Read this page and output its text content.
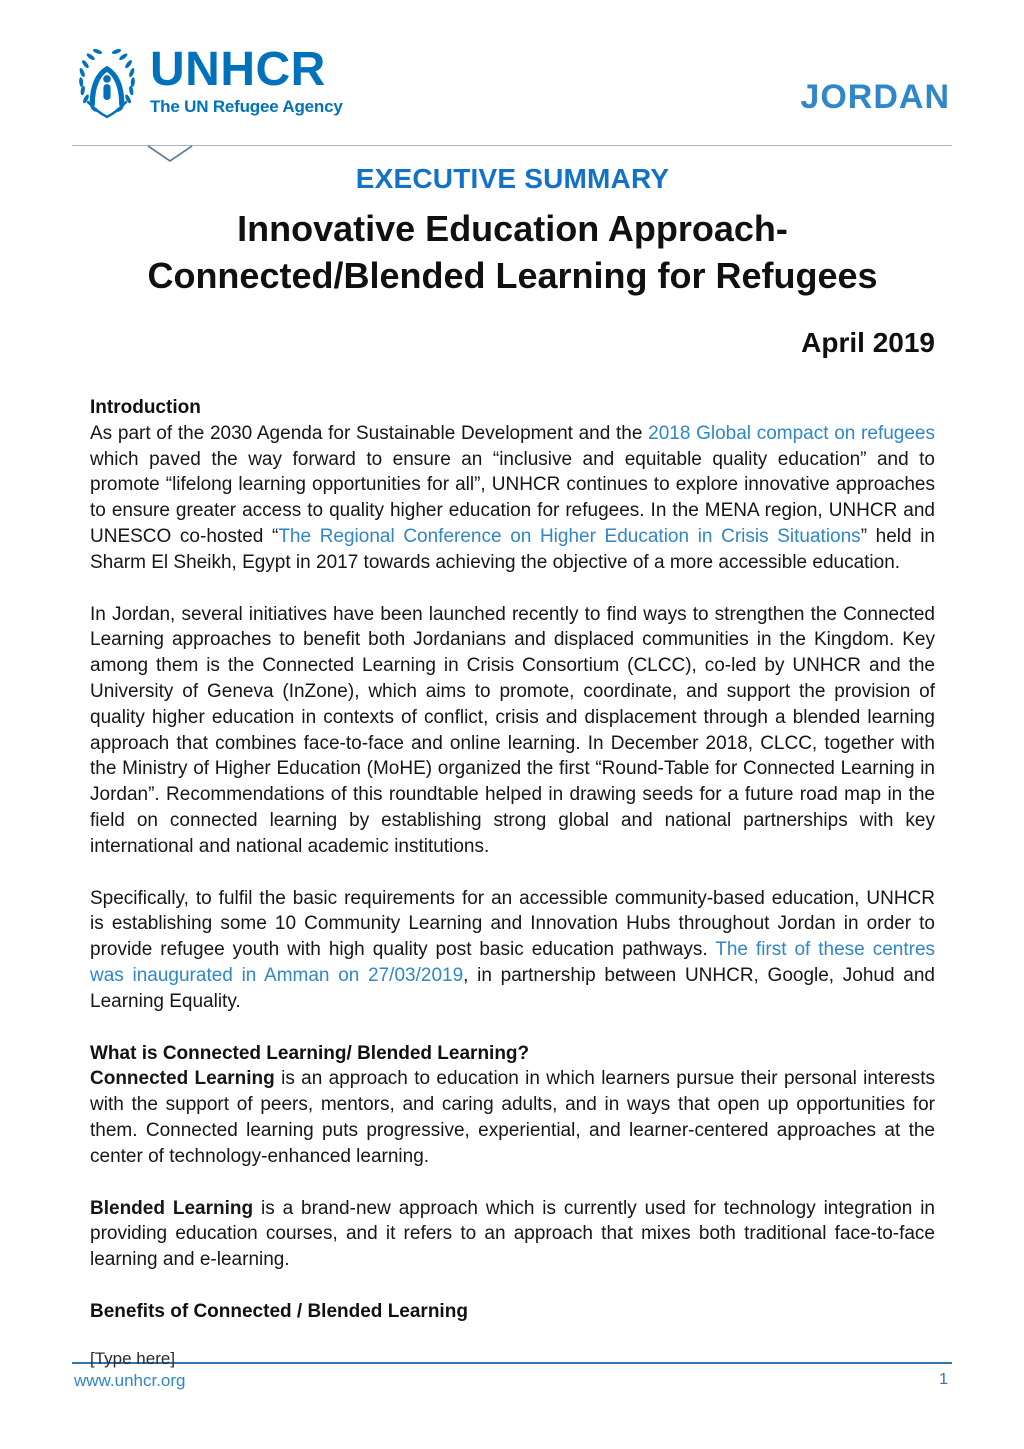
UNHCR
The UN Refugee Agency	JORDAN
EXECUTIVE SUMMARY
Innovative Education Approach-
Connected/Blended Learning for Refugees
April 2019
Introduction
As part of the 2030 Agenda for Sustainable Development and the 2018 Global compact on refugees which paved the way forward to ensure an “inclusive and equitable quality education” and to promote “lifelong learning opportunities for all”, UNHCR continues to explore innovative approaches to ensure greater access to quality higher education for refugees. In the MENA region, UNHCR and UNESCO co-hosted “The Regional Conference on Higher Education in Crisis Situations” held in Sharm El Sheikh, Egypt in 2017 towards achieving the objective of a more accessible education.
In Jordan, several initiatives have been launched recently to find ways to strengthen the Connected Learning approaches to benefit both Jordanians and displaced communities in the Kingdom. Key among them is the Connected Learning in Crisis Consortium (CLCC), co-led by UNHCR and the University of Geneva (InZone), which aims to promote, coordinate, and support the provision of quality higher education in contexts of conflict, crisis and displacement through a blended learning approach that combines face-to-face and online learning. In December 2018, CLCC, together with the Ministry of Higher Education (MoHE) organized the first “Round-Table for Connected Learning in Jordan”. Recommendations of this roundtable helped in drawing seeds for a future road map in the field on connected learning by establishing strong global and national partnerships with key international and national academic institutions.
Specifically, to fulfil the basic requirements for an accessible community-based education, UNHCR is establishing some 10 Community Learning and Innovation Hubs throughout Jordan in order to provide refugee youth with high quality post basic education pathways. The first of these centres was inaugurated in Amman on 27/03/2019, in partnership between UNHCR, Google, Johud and Learning Equality.
What is Connected Learning/ Blended Learning?
Connected Learning is an approach to education in which learners pursue their personal interests with the support of peers, mentors, and caring adults, and in ways that open up opportunities for them. Connected learning puts progressive, experiential, and learner-centered approaches at the center of technology-enhanced learning.
Blended Learning is a brand-new approach which is currently used for technology integration in providing education courses, and it refers to an approach that mixes both traditional face-to-face learning and e-learning.
Benefits of Connected / Blended Learning
[Type here]
www.unhcr.org	1
